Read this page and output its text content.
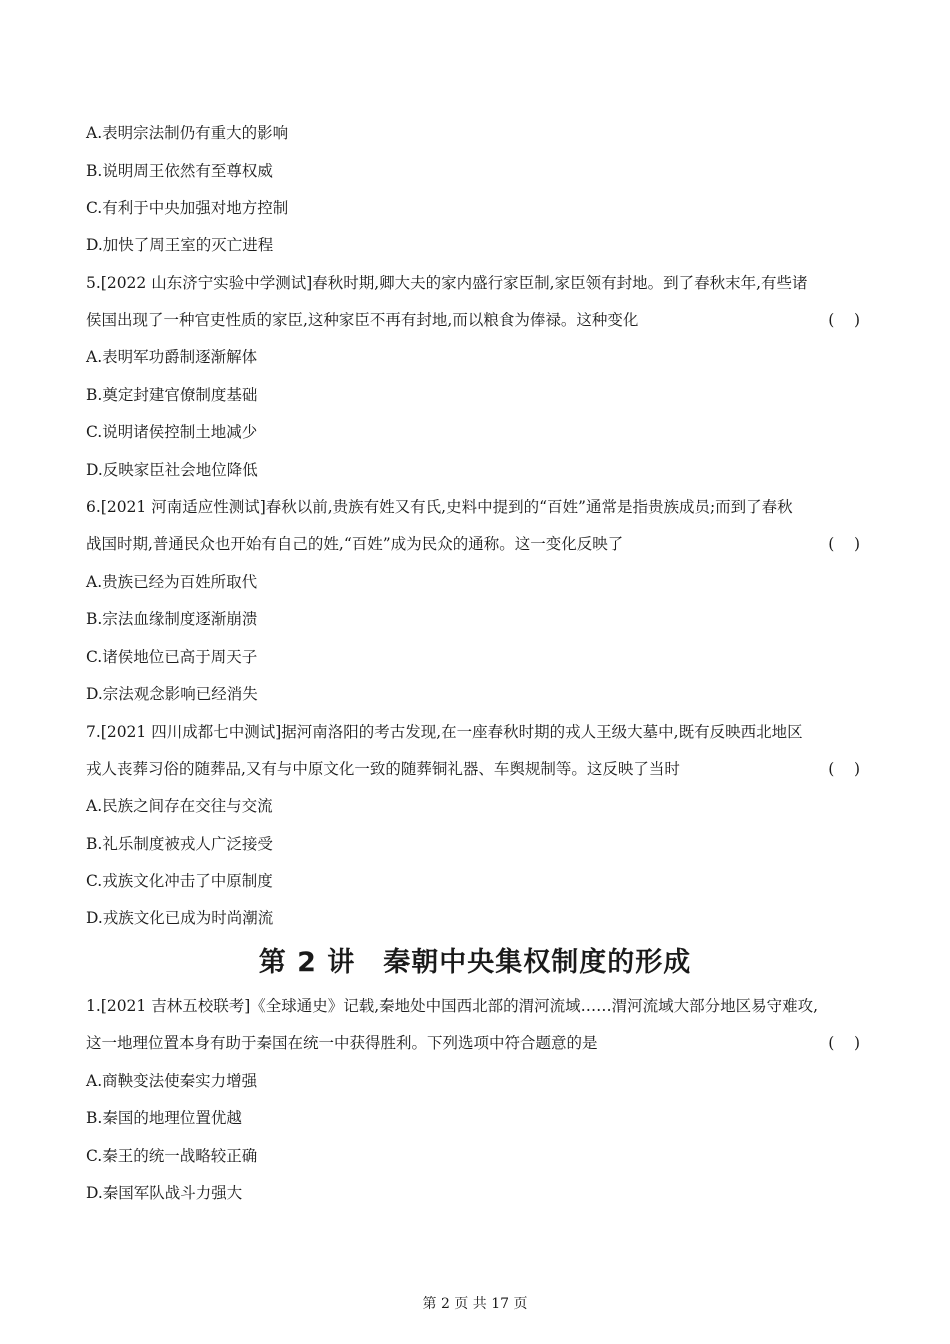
A.表明宗法制仍有重大的影响
B.说明周王依然有至尊权威
C.有利于中央加强对地方控制
D.加快了周王室的灭亡进程
5.[2022 山东济宁实验中学测试]春秋时期,卿大夫的家内盛行家臣制,家臣领有封地。到了春秋末年,有些诸
侯国出现了一种官吏性质的家臣,这种家臣不再有封地,而以粮食为俸禄。这种变化	(    )
A.表明军功爵制逐渐解体
B.奠定封建官僚制度基础
C.说明诸侯控制土地减少
D.反映家臣社会地位降低
6.[2021 河南适应性测试]春秋以前,贵族有姓又有氏,史料中提到的“百姓”通常是指贵族成员;而到了春秋
战国时期,普通民众也开始有自己的姓,“百姓”成为民众的通称。这一变化反映了	(    )
A.贵族已经为百姓所取代
B.宗法血缘制度逐渐崩溃
C.诸侯地位已高于周天子
D.宗法观念影响已经消失
7.[2021 四川成都七中测试]据河南洛阳的考古发现,在一座春秋时期的戎人王级大墓中,既有反映西北地区
戎人丧葬习俗的随葬品,又有与中原文化一致的随葬铜礼器、车舆规制等。这反映了当时	(    )
A.民族之间存在交往与交流
B.礼乐制度被戎人广泛接受
C.戎族文化冲击了中原制度
D.戎族文化已成为时尚潮流
第 2 讲　秦朝中央集权制度的形成
1.[2021 吉林五校联考]《全球通史》记载,秦地处中国西北部的渭河流域……渭河流域大部分地区易守难攻,
这一地理位置本身有助于秦国在统一中获得胜利。下列选项中符合题意的是	(    )
A.商鞅变法使秦实力增强
B.秦国的地理位置优越
C.秦王的统一战略较正确
D.秦国军队战斗力强大
第 2 页 共 17 页
